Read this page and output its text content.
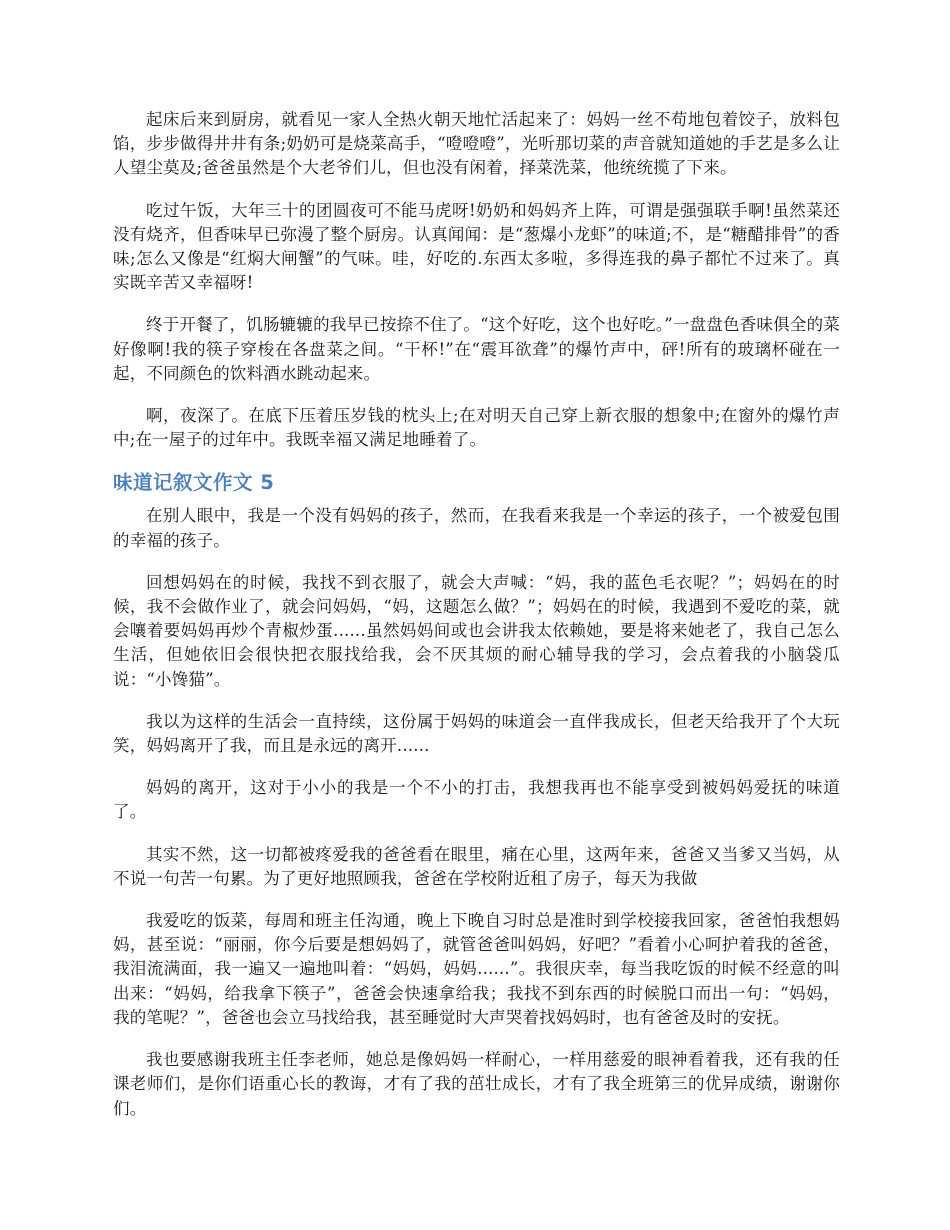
起床后来到厨房，就看见一家人全热火朝天地忙活起来了：妈妈一丝不苟地包着饺子，放料包馅，步步做得井井有条;奶奶可是烧菜高手，“噔噔噔”，光听那切菜的声音就知道她的手艺是多么让人望尘莫及;爸爸虽然是个大老爷们儿，但也没有闲着，择菜洗菜，他统统揽了下来。

吃过午饭，大年三十的团圆夜可不能马虎呀!奶奶和妈妈齐上阵，可谓是强强联手啊!虽然菜还没有烧齐，但香味早已弥漫了整个厨房。认真闻闻：是“葱爆小龙虾”的味道;不，是“糖醋排骨”的香味;怎么又像是“红焖大闸蟹”的气味。哇，好吃的.东西太多啦，多得连我的鼻子都忙不过来了。真实既辛苦又幸福呀!

终于开餐了，饥肠辘辘的我早已按捺不住了。“这个好吃，这个也好吃。”一盘盘色香味俱全的菜好像啊!我的筷子穿梭在各盘菜之间。“干杯!”在“震耳欲聋”的爆竹声中，砰!所有的玻璃杯碰在一起，不同颜色的饮料酒水跳动起来。

啊，夜深了。在底下压着压岁钱的枕头上;在对明天自己穿上新衣服的想象中;在窗外的爆竹声中;在一屋子的过年中。我既幸福又满足地睡着了。

味道记叙文作文 5

在别人眼中，我是一个没有妈妈的孩子，然而，在我看来我是一个幸运的孩子，一个被爱包围的幸福的孩子。

回想妈妈在的时候，我找不到衣服了，就会大声喊：“妈，我的蓝色毛衣呢？”；妈妈在的时候，我不会做作业了，就会问妈妈，“妈，这题怎么做？”；妈妈在的时候，我遇到不爱吃的菜，就会嚷着要妈妈再炒个青椒炒蛋......虽然妈妈间或也会讲我太依赖她，要是将来她老了，我自己怎么生活，但她依旧会很快把衣服找给我，会不厌其烦的耐心辅导我的学习，会点着我的小脑袋瓜说：“小馋猫”。

我以为这样的生活会一直持续，这份属于妈妈的味道会一直伴我成长，但老天给我开了个大玩笑，妈妈离开了我，而且是永远的离开......

妈妈的离开，这对于小小的我是一个不小的打击，我想我再也不能享受到被妈妈爱抚的味道了。

其实不然，这一切都被疼爱我的爸爸看在眼里，痛在心里，这两年来，爸爸又当爹又当妈，从不说一句苦一句累。为了更好地照顾我，爸爸在学校附近租了房子，每天为我做

我爱吃的饭菜，每周和班主任沟通，晚上下晚自习时总是准时到学校接我回家，爸爸怕我想妈妈，甚至说：“丽丽，你今后要是想妈妈了，就管爸爸叫妈妈，好吧？”看着小心呵护着我的爸爸，我泪流满面，我一遍又一遍地叫着：“妈妈，妈妈......”。我很庆幸，每当我吃饭的时候不经意的叫出来：“妈妈，给我拿下筷子”，爸爸会快速拿给我；我找不到东西的时候脱口而出一句：“妈妈，我的笔呢？”，爸爸也会立马找给我，甚至睡觉时大声哭着找妈妈时，也有爸爸及时的安抚。

我也要感谢我班主任李老师，她总是像妈妈一样耐心，一样用慈爱的眼神看着我，还有我的任课老师们，是你们语重心长的教诲，才有了我的茁壮成长，才有了我全班第三的优异成绩，谢谢你们。
